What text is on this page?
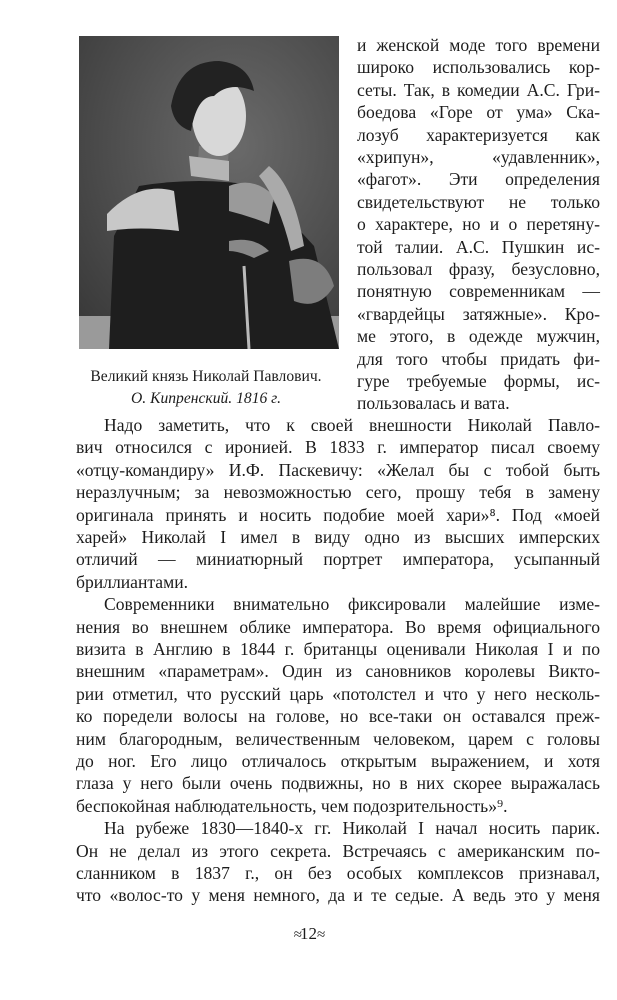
Великий князь Николай Павлович.
О. Кипренский. 1816 г.
и женской моде того времени
широко использовались кор-
сеты. Так, в комедии А.С. Гри-
боедова «Горе от ума» Ска-
лозуб характеризуется как
«хрипун», «удавленник»,
«фагот». Эти определения
свидетельствуют не только
о характере, но и о перетяну-
той талии. А.С. Пушкин ис-
пользовал фразу, безусловно,
понятную современникам —
«гвардейцы затяжные». Кро-
ме этого, в одежде мужчин,
для того чтобы придать фи-
гуре требуемые формы, ис-
пользовалась и вата.
Надо заметить, что к своей внешности Николай Павло-
вич относился с иронией. В 1833 г. император писал своему
«отцу-командиру» И.Ф. Паскевичу: «Желал бы с тобой быть
неразлучным; за невозможностью сего, прошу тебя в замену
оригинала принять и носить подобие моей хари»⁸. Под «моей
харей» Николай I имел в виду одно из высших имперских
отличий — миниатюрный портрет императора, усыпанный
бриллиантами.
Современники внимательно фиксировали малейшие изме-
нения во внешнем облике императора. Во время официального
визита в Англию в 1844 г. британцы оценивали Николая I и по
внешним «параметрам». Один из сановников королевы Викто-
рии отметил, что русский царь «потолстел и что у него несколь-
ко поредели волосы на голове, но все-таки он оставался преж-
ним благородным, величественным человеком, царем с головы
до ног. Его лицо отличалось открытым выражением, и хотя
глаза у него были очень подвижны, но в них скорее выражалась
беспокойная наблюдательность, чем подозрительность»⁹.
На рубеже 1830—1840-х гг. Николай I начал носить парик.
Он не делал из этого секрета. Встречаясь с американским по-
сланником в 1837 г., он без особых комплексов признавал,
что «волос-то у меня немного, да и те седые. А ведь это у меня
≈12≈
